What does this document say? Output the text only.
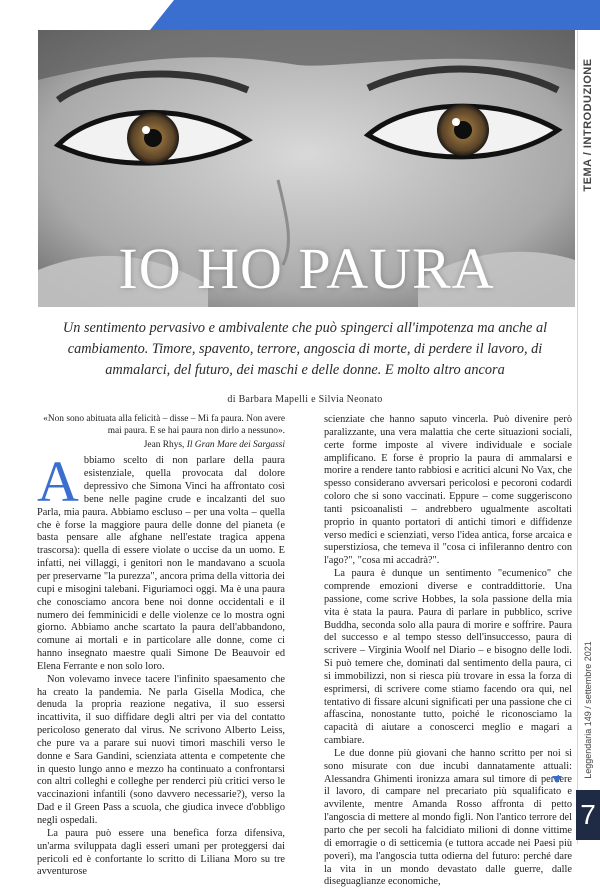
IO HO PAURA
TEMA / INTRODUZIONE
Leggendaria 149 / settembre 2021
7
Un sentimento pervasivo e ambivalente che può spingerci all'impotenza ma anche al cambiamento. Timore, spavento, terrore, angoscia di morte, di perdere il lavoro, di ammalarci, del futuro, dei maschi e delle donne. E molto altro ancora
di Barbara Mapelli e Silvia Neonato
«Non sono abituata alla felicità – disse – Mi fa paura. Non avere mai paura. E se hai paura non dirlo a nessuno».
Jean Rhys, Il Gran Mare dei Sargassi

Abbiamo scelto di non parlare della paura esistenziale, quella provocata dal dolore depressivo che Simona Vinci ha affrontato così bene nelle pagine crude e incalzanti del suo Parla, mia paura. Abbiamo escluso – per una volta – quella che è forse la maggiore paura delle donne del pianeta (e basta pensare alle afghane nell'estate tragica appena trascorsa): quella di essere violate o uccise da un uomo. E infatti, nei villaggi, i genitori non le mandavano a scuola per preservarne "la purezza", ancora prima della vittoria dei cupi e misogini talebani. Figuriamoci oggi. Ma è una paura che conosciamo ancora bene noi donne occidentali e il numero dei femminicidi e delle violenze ce lo mostra ogni giorno. Abbiamo anche scartato la paura dell'abbandono, comune ai mortali e in particolare alle donne, come ci hanno insegnato maestre quali Simone De Beauvoir ed Elena Ferrante e non solo loro.

Non volevamo invece tacere l'infinito spaesamento che ha creato la pandemia. Ne parla Gisella Modica, che denuda la propria reazione negativa, il suo essersi incattivita, il suo diffidare degli altri per via del contatto pericoloso generato dal virus. Ne scrivono Alberto Leiss, che pure va a parare sui nuovi timori maschili verso le donne e Sara Gandini, scienziata attenta e competente che in questo lungo anno e mezzo ha continuato a confrontarsi con altri colleghi e colleghe per renderci più critici verso le vaccinazioni infantili (sono davvero necessarie?), verso la Dad e il Green Pass a scuola, che giudica invece d'obbligo negli ospedali.

La paura può essere una benefica forza difensiva, un'arma sviluppata dagli esseri umani per proteggersi dai pericoli ed è confortante lo scritto di Liliana Moro su tre avventurose

scienziate che hanno saputo vincerla. Può divenire però paralizzante, una vera malattia che certe situazioni sociali, certe forme imposte al vivere individuale e sociale amplificano. E forse è proprio la paura di ammalarsi e morire a rendere tanto rabbiosi e acritici alcuni No Vax, che spesso considerano avversari pericolosi e pecoroni codardi coloro che si sono vaccinati. Eppure – come suggeriscono tanti psicoanalisti – andrebbero ugualmente ascoltati proprio in quanto portatori di antichi timori e diffidenze verso medici e scienziati, verso l'idea antica, forse arcaica e superstiziosa, che temeva il "cosa ci infileranno dentro con l'ago?", "cosa mi accadrà?".

La paura è dunque un sentimento "ecumenico" che comprende emozioni diverse e contraddittorie. Una passione, come scrive Hobbes, la sola passione della mia vita è stata la paura. Paura di parlare in pubblico, scrive Buddha, seconda solo alla paura di morire e soffrire. Paura del successo e al tempo stesso dell'insuccesso, paura di scrivere – Virginia Woolf nel Diario – e bisogno delle lodi. Si può temere che, dominati dal sentimento della paura, ci si immobilizzi, non si riesca più trovare in essa la forza di esprimersi, di scrivere come stiamo facendo ora qui, nel tentativo di fissare alcuni significati per una passione che ci affascina, nonostante tutto, poiché le riconosciamo la capacità di aiutare a conoscerci meglio e magari a cambiare.

Le due donne più giovani che hanno scritto per noi si sono misurate con due incubi dannatamente attuali: Alessandra Ghimenti ironizza amara sul timore di perdere il lavoro, di campare nel precariato più squalificato e avvilente, mentre Amanda Rosso affronta di petto l'angoscia di mettere al mondo figli. Non l'antico terrore del parto che per secoli ha falcidiato milioni di donne vittime di emorragie o di setticemia (e tuttora accade nei Paesi più poveri), ma l'angoscia tutta odierna del futuro: perché dare la vita in un mondo devastato dalle guerre, dalle diseguaglianze economiche,
